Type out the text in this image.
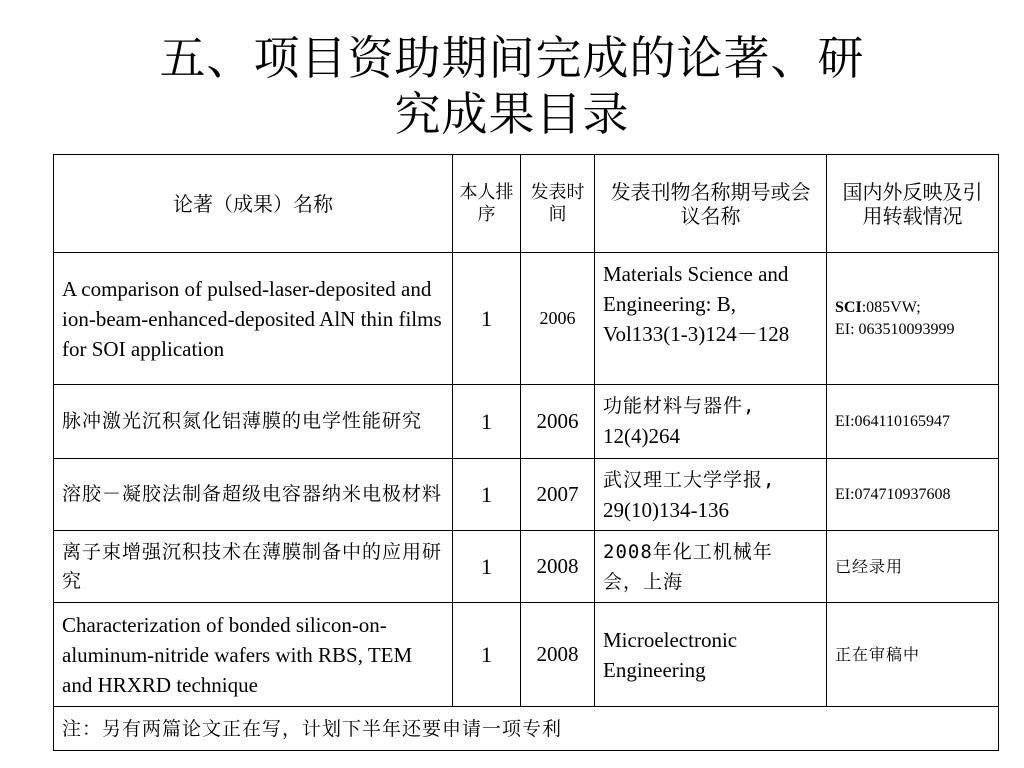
五、项目资助期间完成的论著、研
究成果目录
论著（成果）名称	本人排序	发表时间	发表刊物名称期号或会议名称	国内外反映及引用转载情况
A comparison of pulsed-laser-deposited and ion-beam-enhanced-deposited AlN thin films for SOI application	1	2006	Materials Science and Engineering: B, Vol133(1-3)124－128	SCI:085VW;
EI: 063510093999
脉冲激光沉积氮化铝薄膜的电学性能研究	1	2006	功能材料与器件,
12(4)264	EI:064110165947
溶胶－凝胶法制备超级电容器纳米电极材料	1	2007	武汉理工大学学报,
29(10)134-136	EI:074710937608
离子束增强沉积技术在薄膜制备中的应用研究	1	2008	2008年化工机械年
会，上海	已经录用
Characterization of bonded silicon-on- aluminum-nitride wafers with RBS, TEM and HRXRD technique	1	2008	Microelectronic Engineering	正在审稿中
注：另有两篇论文正在写，计划下半年还要申请一项专利				
